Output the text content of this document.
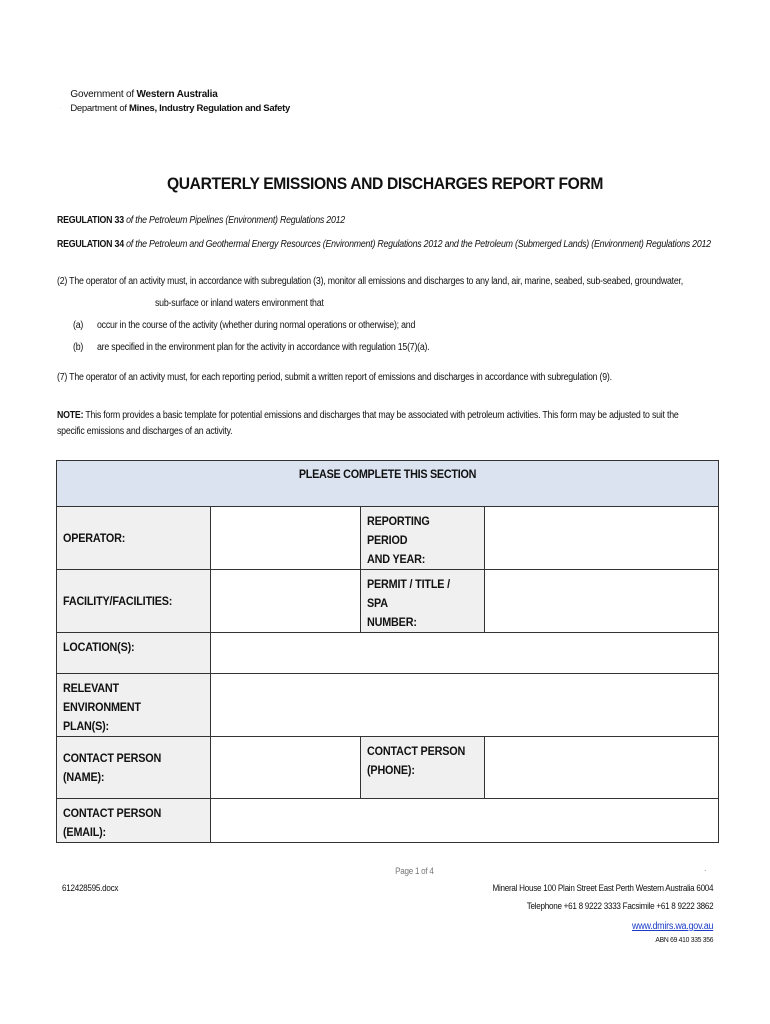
Government of Western Australia
Department of Mines, Industry Regulation and Safety
QUARTERLY EMISSIONS AND DISCHARGES REPORT FORM
REGULATION 33 of the Petroleum Pipelines (Environment) Regulations 2012
REGULATION 34 of the Petroleum and Geothermal Energy Resources (Environment) Regulations 2012 and the Petroleum (Submerged Lands) (Environment) Regulations 2012
(2) The operator of an activity must, in accordance with subregulation (3), monitor all emissions and discharges to any land, air, marine, seabed, sub-seabed, groundwater,
sub-surface or inland waters environment that
(a) occur in the course of the activity (whether during normal operations or otherwise); and
(b) are specified in the environment plan for the activity in accordance with regulation 15(7)(a).
(7) The operator of an activity must, for each reporting period, submit a written report of emissions and discharges in accordance with subregulation (9).
NOTE: This form provides a basic template for potential emissions and discharges that may be associated with petroleum activities. This form may be adjusted to suit the
specific emissions and discharges of an activity.
PLEASE COMPLETE THIS SECTION			
OPERATOR:		REPORTING PERIOD
AND YEAR:	
FACILITY/FACILITIES:		PERMIT / TITLE / SPA
NUMBER:	
LOCATION(S):			
RELEVANT ENVIRONMENT
PLAN(S):			
CONTACT PERSON (NAME):		CONTACT PERSON
(PHONE):	
CONTACT PERSON (EMAIL):			
Page 1 of 4	.
612428595.docx	Mineral House 100 Plain Street East Perth Western Australia 6004
Telephone +61 8 9222 3333 Facsimile +61 8 9222 3862
www.dmirs.wa.gov.au
ABN 69 410 335 356
